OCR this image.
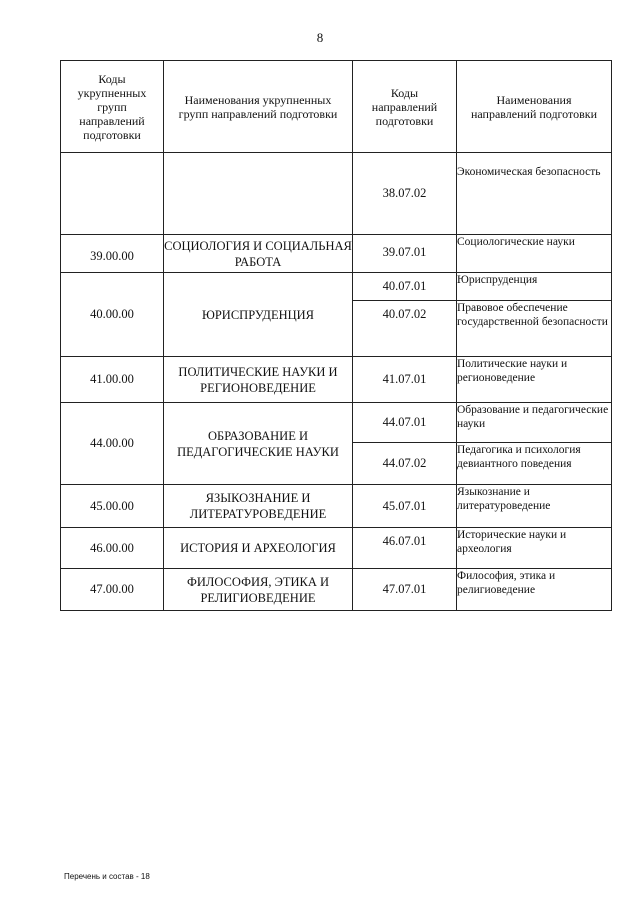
8
Коды укрупненных групп направлений подготовки	Наименования укрупненных групп направлений подготовки	Коды направлений подготовки	Наименования направлений подготовки
		38.07.02	Экономическая безопасность
39.00.00	СОЦИОЛОГИЯ И СОЦИАЛЬНАЯ РАБОТА	39.07.01	Социологические науки
40.00.00	ЮРИСПРУДЕНЦИЯ	40.07.01	Юриспруденция
		40.07.02	Правовое обеспечение государственной безопасности
41.00.00	ПОЛИТИЧЕСКИЕ НАУКИ И РЕГИОНОВЕДЕНИЕ	41.07.01	Политические науки и регионоведение
44.00.00	ОБРАЗОВАНИЕ И ПЕДАГОГИЧЕСКИЕ НАУКИ	44.07.01	Образование и педагогические науки
		44.07.02	Педагогика и психология девиантного поведения
45.00.00	ЯЗЫКОЗНАНИЕ И ЛИТЕРАТУРОВЕДЕНИЕ	45.07.01	Языкознание и литературоведение
46.00.00	ИСТОРИЯ И АРХЕОЛОГИЯ	46.07.01	Исторические науки и археология
47.00.00	ФИЛОСОФИЯ, ЭТИКА И РЕЛИГИОВЕДЕНИЕ	47.07.01	Философия, этика и религиоведение
Перечень и состав - 18
